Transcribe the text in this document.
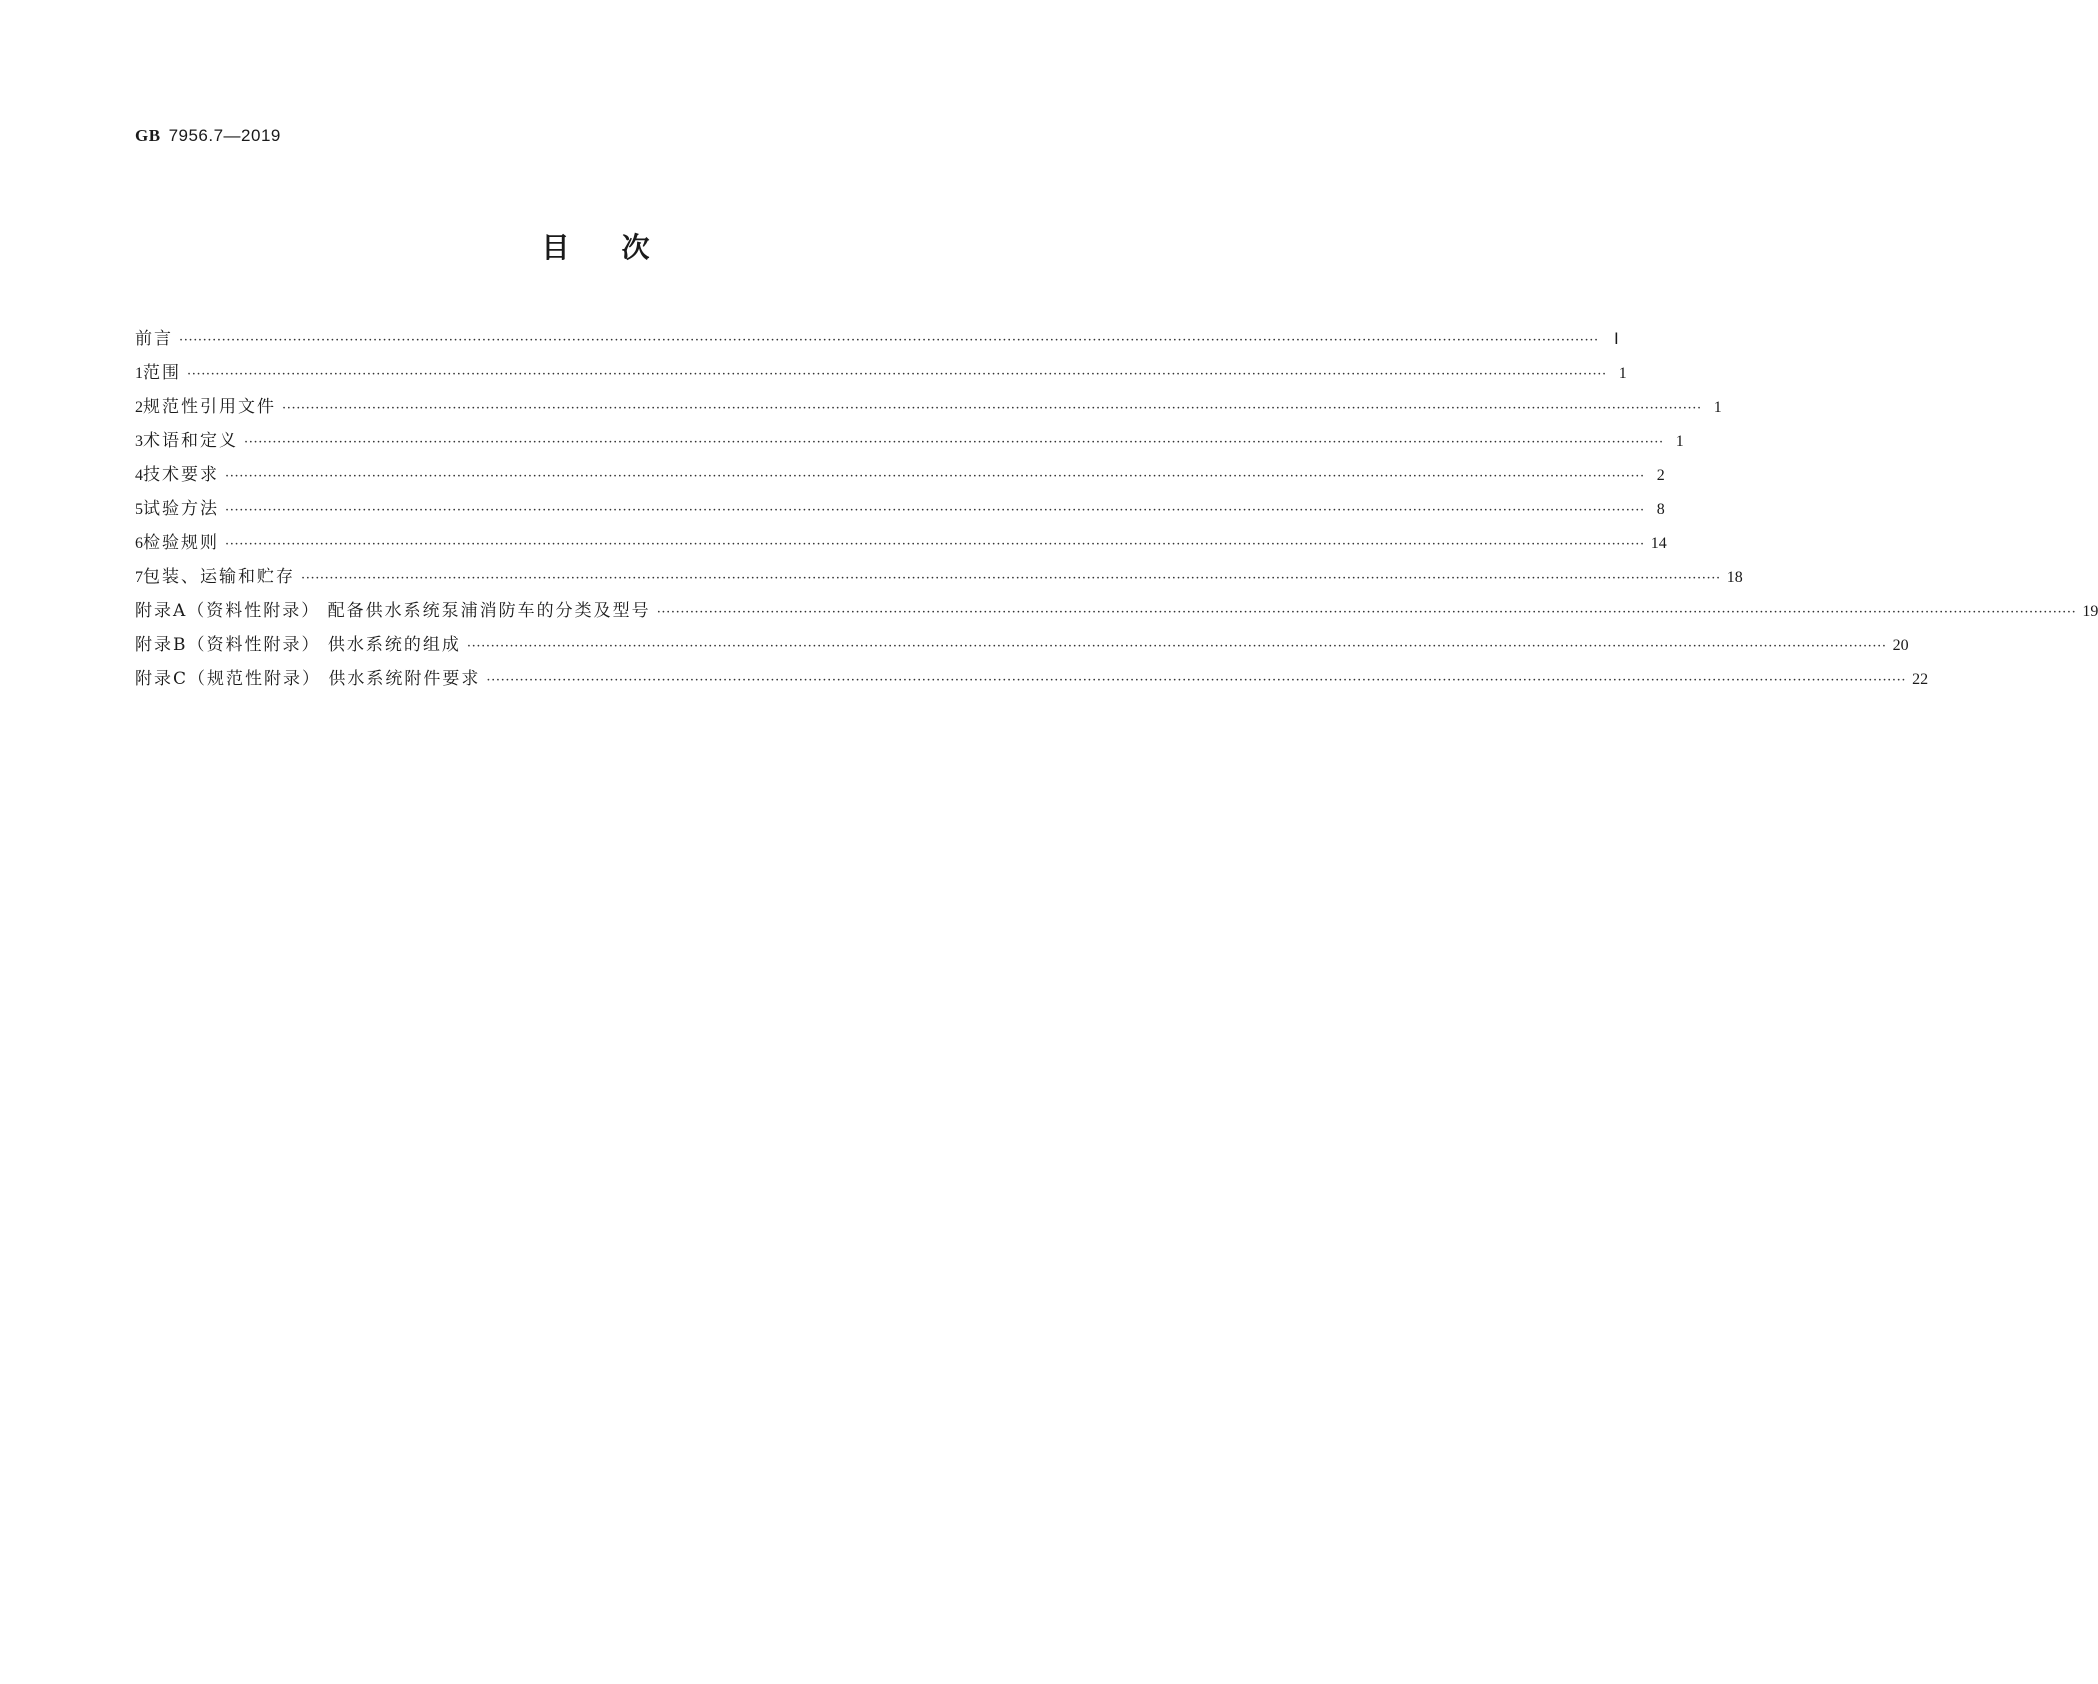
GB 7956.7—2019
目次
前言 ············································································································································································································································································································ Ⅰ
1 范围 ············································································································································································································································································································ 1
2 规范性引用文件 ············································································································································································································································································································ 1
3 术语和定义 ············································································································································································································································································································ 1
4 技术要求 ············································································································································································································································································································ 2
5 试验方法 ············································································································································································································································································································ 8
6 检验规则 ············································································································································································································································································································ 14
7 包装、运输和贮存 ············································································································································································································································································································ 18
附录A（资料性附录） 配备供水系统泵浦消防车的分类及型号 ············································································································································································································································································································ 19
附录B（资料性附录） 供水系统的组成 ············································································································································································································································································································ 20
附录C（规范性附录） 供水系统附件要求 ············································································································································································································································································································ 22
